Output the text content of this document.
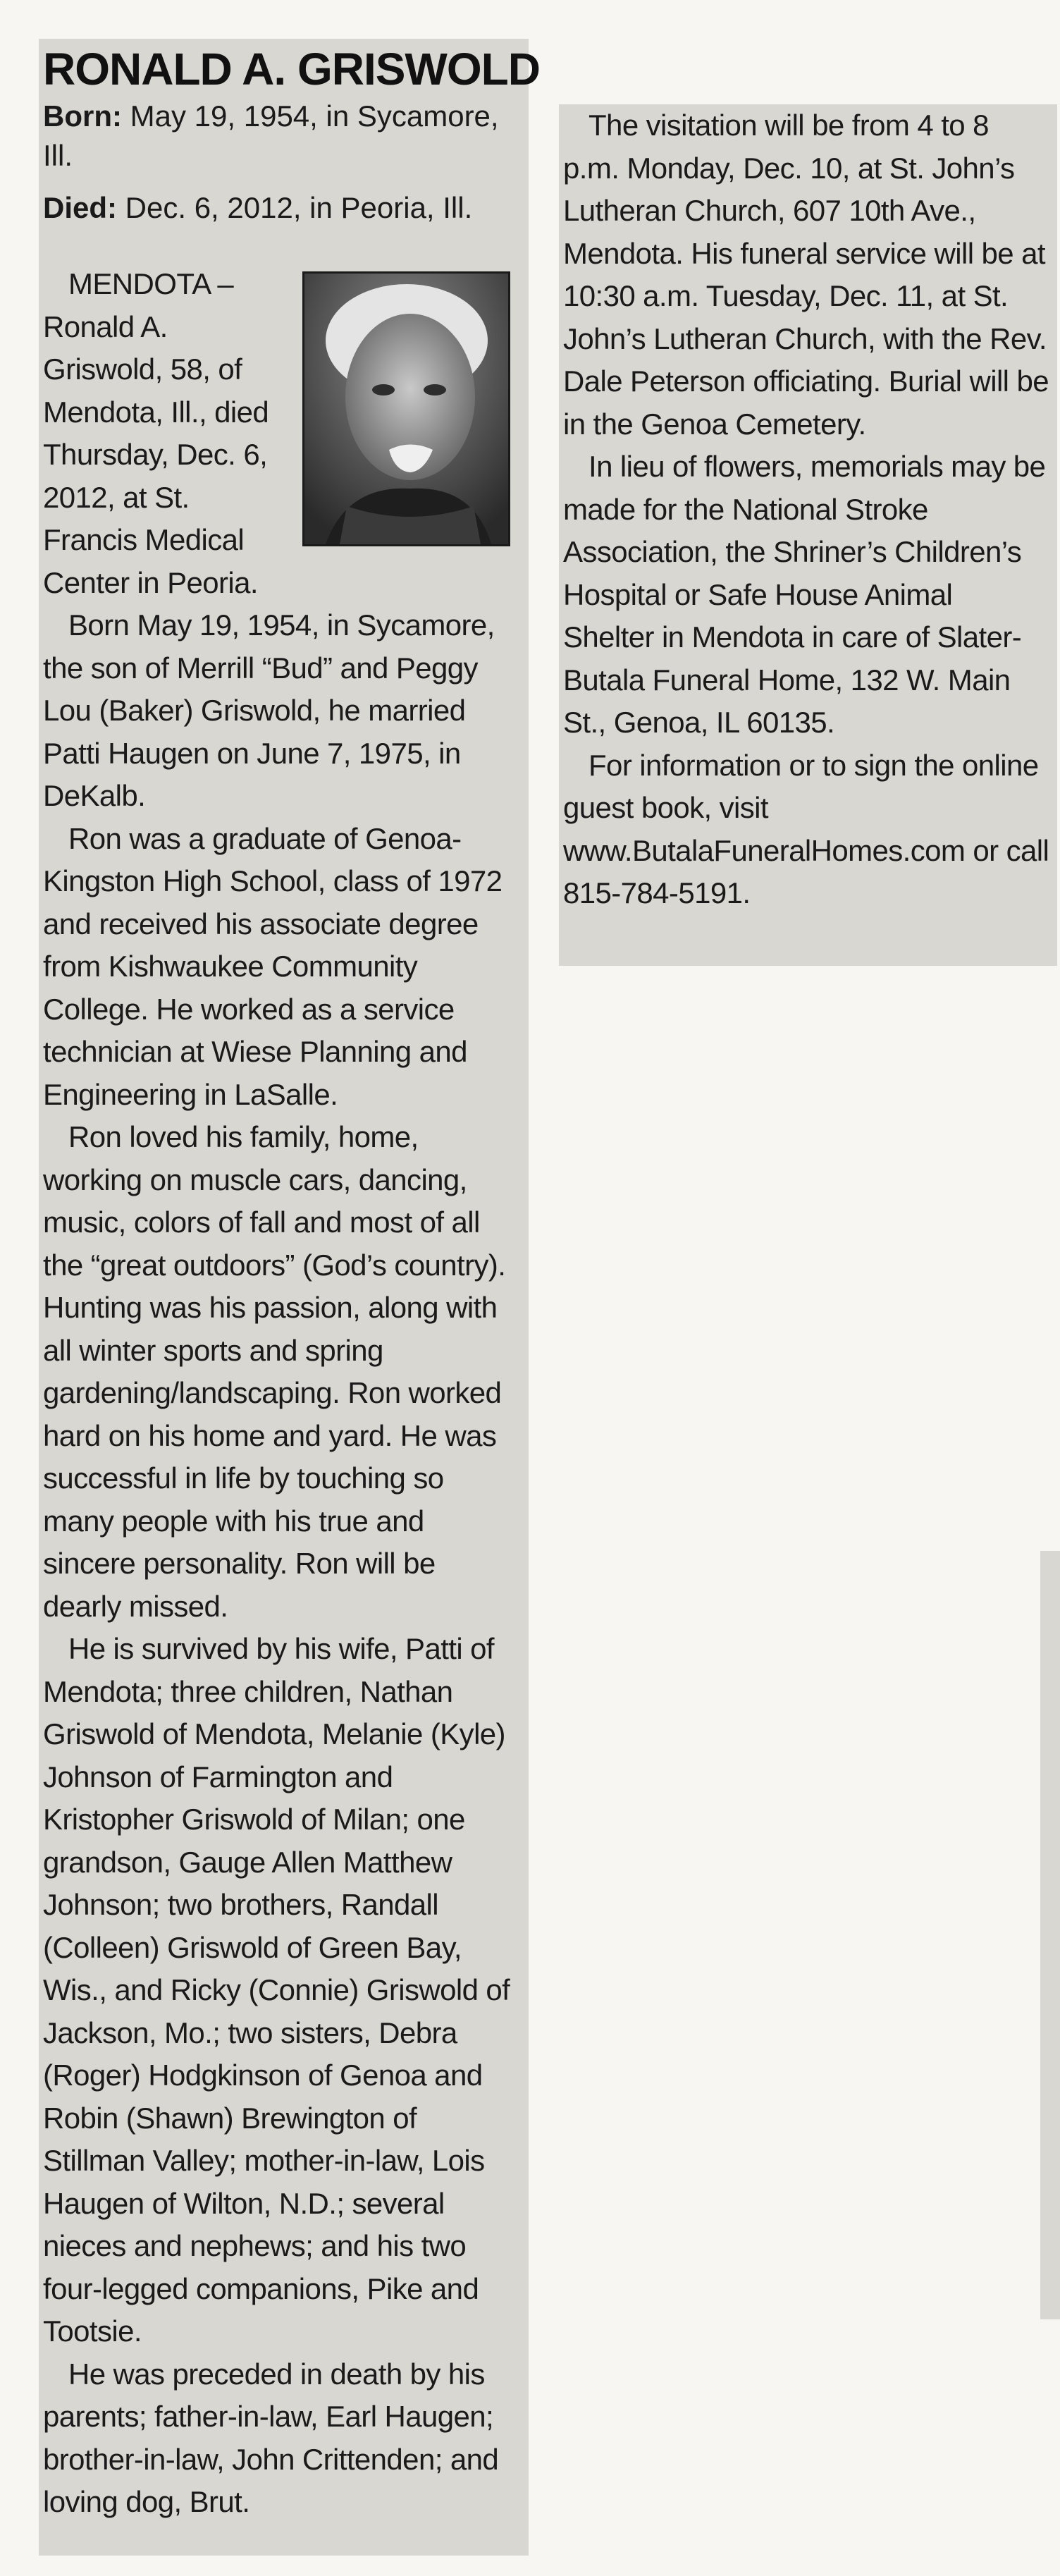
RONALD A. GRISWOLD

Born: May 19, 1954, in Sycamore, Ill.

Died: Dec. 6, 2012, in Peoria, Ill.

MENDOTA – Ronald A. Griswold, 58, of Mendota, Ill., died Thursday, Dec. 6, 2012, at St. Francis Medical Center in Peoria.

Born May 19, 1954, in Sycamore, the son of Merrill “Bud” and Peggy Lou (Baker) Griswold, he married Patti Haugen on June 7, 1975, in DeKalb.

Ron was a graduate of Genoa-Kingston High School, class of 1972 and received his associate degree from Kishwaukee Community College. He worked as a service technician at Wiese Planning and Engineering in LaSalle.

Ron loved his family, home, working on muscle cars, dancing, music, colors of fall and most of all the “great outdoors” (God’s country). Hunting was his passion, along with all winter sports and spring gardening/landscaping. Ron worked hard on his home and yard. He was successful in life by touching so many people with his true and sincere personality. Ron will be dearly missed.

He is survived by his wife, Patti of Mendota; three children, Nathan Griswold of Mendota, Melanie (Kyle) Johnson of Farmington and Kristopher Griswold of Milan; one grandson, Gauge Allen Matthew Johnson; two brothers, Randall (Colleen) Griswold of Green Bay, Wis., and Ricky (Connie) Griswold of Jackson, Mo.; two sisters, Debra (Roger) Hodgkinson of Genoa and Robin (Shawn) Brewington of Stillman Valley; mother-in-law, Lois Haugen of Wilton, N.D.; several nieces and nephews; and his two four-legged companions, Pike and Tootsie.

He was preceded in death by his parents; father-in-law, Earl Haugen; brother-in-law, John Crittenden; and loving dog, Brut.

The visitation will be from 4 to 8 p.m. Monday, Dec. 10, at St. John’s Lutheran Church, 607 10th Ave., Mendota. His funeral service will be at 10:30 a.m. Tuesday, Dec. 11, at St. John’s Lutheran Church, with the Rev. Dale Peterson officiating. Burial will be in the Genoa Cemetery.

In lieu of flowers, memorials may be made for the National Stroke Association, the Shriner’s Children’s Hospital or Safe House Animal Shelter in Mendota in care of Slater-Butala Funeral Home, 132 W. Main St., Genoa, IL 60135.

For information or to sign the online guest book, visit www.ButalaFuneralHomes.com or call 815-784-5191.
